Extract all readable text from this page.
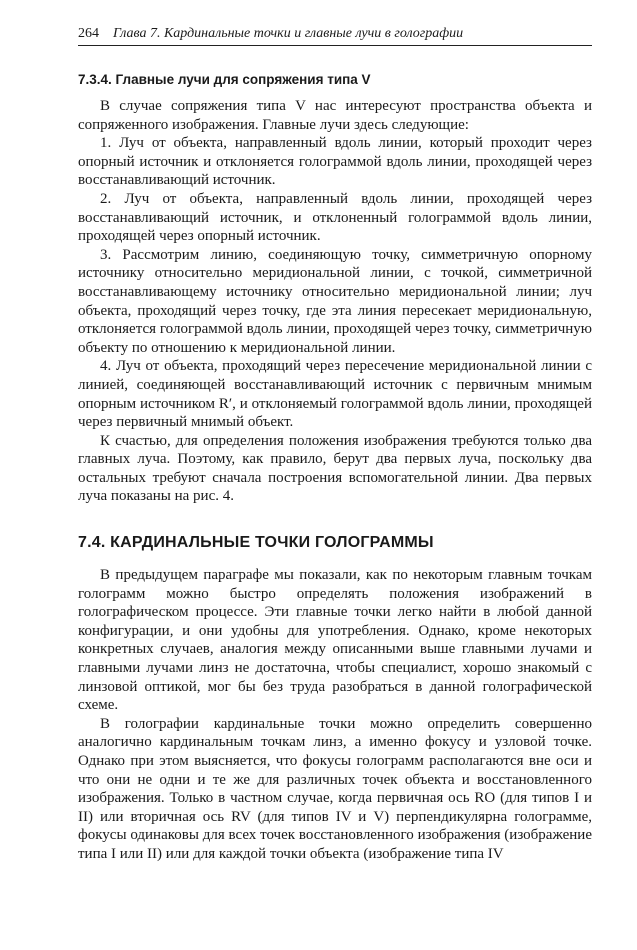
264 Глава 7. Кардинальные точки и главные лучи в голографии
7.3.4. Главные лучи для сопряжения типа V

В случае сопряжения типа V нас интересуют пространства объекта и сопряженного изображения. Главные лучи здесь следующие:

1. Луч от объекта, направленный вдоль линии, который проходит через опорный источник и отклоняется голограммой вдоль линии, проходящей через восстанавливающий источник.

2. Луч от объекта, направленный вдоль линии, проходящей через восстанавливающий источник, и отклоненный голограммой вдоль линии, проходящей через опорный источник.

3. Рассмотрим линию, соединяющую точку, симметричную опорному источнику относительно меридиональной линии, с точкой, симметричной восстанавливающему источнику относительно меридиональной линии; луч объекта, проходящий через точку, где эта линия пересекает меридиональную, отклоняется голограммой вдоль линии, проходящей через точку, симметричную объекту по отношению к меридиональной линии.

4. Луч от объекта, проходящий через пересечение меридиональной линии с линией, соединяющей восстанавливающий источник с первичным мнимым опорным источником R′, и отклоняемый голограммой вдоль линии, проходящей через первичный мнимый объект.

К счастью, для определения положения изображения требуются только два главных луча. Поэтому, как правило, берут два первых луча, поскольку два остальных требуют сначала построения вспомогательной линии. Два первых луча показаны на рис. 4.

7.4. КАРДИНАЛЬНЫЕ ТОЧКИ ГОЛОГРАММЫ

В предыдущем параграфе мы показали, как по некоторым главным точкам голограмм можно быстро определять положения изображений в голографическом процессе. Эти главные точки легко найти в любой данной конфигурации, и они удобны для употребления. Однако, кроме некоторых конкретных случаев, аналогия между описанными выше главными лучами и главными лучами линз не достаточна, чтобы специалист, хорошо знакомый с линзовой оптикой, мог бы без труда разобраться в данной голографической схеме.

В голографии кардинальные точки можно определить совершенно аналогично кардинальным точкам линз, а именно фокусу и узловой точке. Однако при этом выясняется, что фокусы голограмм располагаются вне оси и что они не одни и те же для различных точек объекта и восстановленного изображения. Только в частном случае, когда первичная ось RO (для типов I и II) или вторичная ось RV (для типов IV и V) перпендикулярна голограмме, фокусы одинаковы для всех точек восстановленного изображения (изображение типа I или II) или для каждой точки объекта (изображение типа IV
